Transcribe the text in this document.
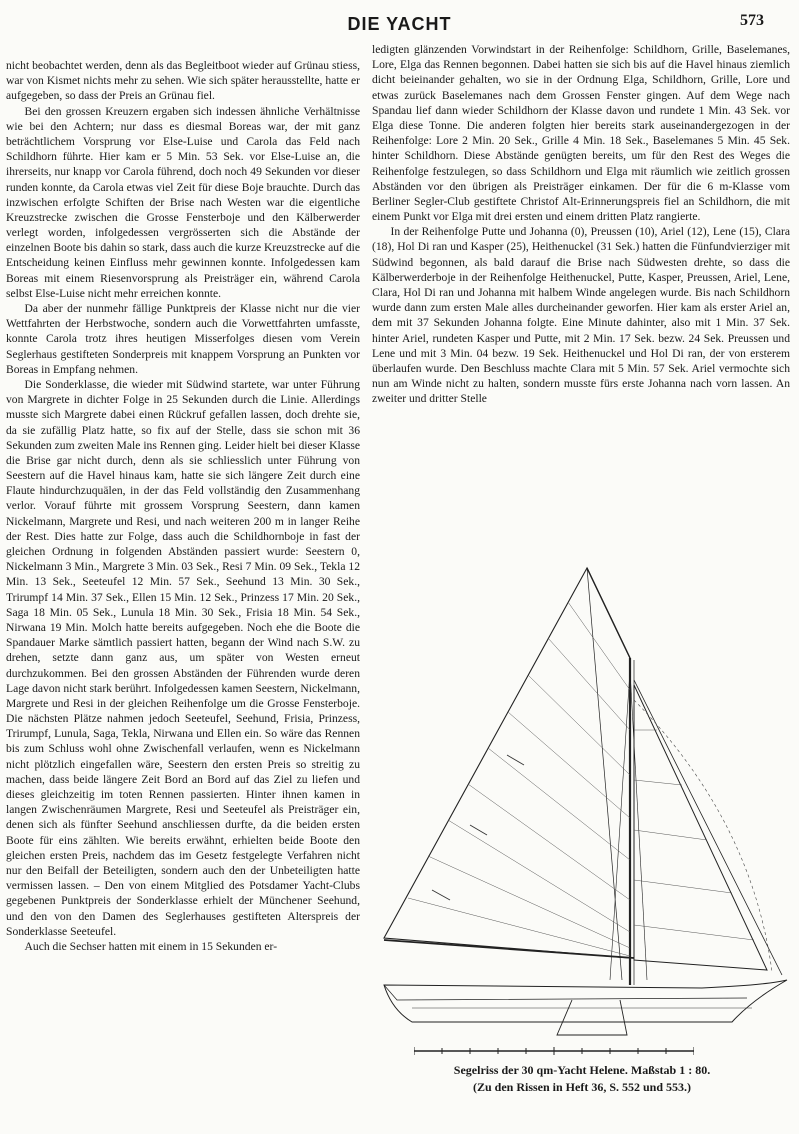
DIE YACHT	573

nicht beobachtet werden, denn als das Begleitboot wieder auf Grünau stiess, war von Kismet nichts mehr zu sehen. Wie sich später herausstellte, hatte er aufgegeben, so dass der Preis an Grünau fiel.

Bei den grossen Kreuzern ergaben sich indessen ähnliche Verhältnisse wie bei den Achtern; nur dass es diesmal Boreas war, der mit ganz beträchtlichem Vorsprung vor Else-Luise und Carola das Feld nach Schildhorn führte. Hier kam er 5 Min. 53 Sek. vor Else-Luise an, die ihrerseits, nur knapp vor Carola führend, doch noch 49 Sekunden vor dieser runden konnte, da Carola etwas viel Zeit für diese Boje brauchte. Durch das inzwischen erfolgte Schiften der Brise nach Westen war die eigentliche Kreuzstrecke zwischen die Grosse Fensterboje und den Kälberwerder verlegt worden, infolgedessen vergrösserten sich die Abstände der einzelnen Boote bis dahin so stark, dass auch die kurze Kreuzstrecke auf die Entscheidung keinen Einfluss mehr gewinnen konnte. Infolgedessen kam Boreas mit einem Riesenvorsprung als Preisträger ein, während Carola selbst Else-Luise nicht mehr erreichen konnte.

Da aber der nunmehr fällige Punktpreis der Klasse nicht nur die vier Wettfahrten der Herbstwoche, sondern auch die Vorwettfahrten umfasste, konnte Carola trotz ihres heutigen Misserfolges diesen vom Verein Seglerhaus gestifteten Sonderpreis mit knappem Vorsprung an Punkten vor Boreas in Empfang nehmen.

Die Sonderklasse, die wieder mit Südwind startete, war unter Führung von Margrete in dichter Folge in 25 Sekunden durch die Linie. Allerdings musste sich Margrete dabei einen Rückruf gefallen lassen, doch drehte sie, da sie zufällig Platz hatte, so fix auf der Stelle, dass sie schon mit 36 Sekunden zum zweiten Male ins Rennen ging. Leider hielt bei dieser Klasse die Brise gar nicht durch, denn als sie schliesslich unter Führung von Seestern auf die Havel hinaus kam, hatte sie sich längere Zeit durch eine Flaute hindurchzuquälen, in der das Feld vollständig den Zusammenhang verlor. Vorauf führte mit grossem Vorsprung Seestern, dann kamen Nickelmann, Margrete und Resi, und nach weiteren 200 m in langer Reihe der Rest. Dies hatte zur Folge, dass auch die Schildhornboje in fast der gleichen Ordnung in folgenden Abständen passiert wurde: Seestern 0, Nickelmann 3 Min., Margrete 3 Min. 03 Sek., Resi 7 Min. 09 Sek., Tekla 12 Min. 13 Sek., Seeteufel 12 Min. 57 Sek., Seehund 13 Min. 30 Sek., Trirumpf 14 Min. 37 Sek., Ellen 15 Min. 12 Sek., Prinzess 17 Min. 20 Sek., Saga 18 Min. 05 Sek., Lunula 18 Min. 30 Sek., Frisia 18 Min. 54 Sek., Nirwana 19 Min. Molch hatte bereits aufgegeben. Noch ehe die Boote die Spandauer Marke sämtlich passiert hatten, begann der Wind nach S.W. zu drehen, setzte dann ganz aus, um später von Westen erneut durchzukommen. Bei den grossen Abständen der Führenden wurde deren Lage davon nicht stark berührt. Infolgedessen kamen Seestern, Nickelmann, Margrete und Resi in der gleichen Reihenfolge um die Grosse Fensterboje. Die nächsten Plätze nahmen jedoch Seeteufel, Seehund, Frisia, Prinzess, Trirumpf, Lunula, Saga, Tekla, Nirwana und Ellen ein. So wäre das Rennen bis zum Schluss wohl ohne Zwischenfall verlaufen, wenn es Nickelmann nicht plötzlich eingefallen wäre, Seestern den ersten Preis so streitig zu machen, dass beide längere Zeit Bord an Bord auf das Ziel zu liefen und dieses gleichzeitig im toten Rennen passierten. Hinter ihnen kamen in langen Zwischenräumen Margrete, Resi und Seeteufel als Preisträger ein, denen sich als fünfter Seehund anschliessen durfte, da die beiden ersten Boote für eins zählten. Wie bereits erwähnt, erhielten beide Boote den gleichen ersten Preis, nachdem das im Gesetz festgelegte Verfahren nicht nur den Beifall der Beteiligten, sondern auch den der Unbeteiligten hatte vermissen lassen. – Den von einem Mitglied des Potsdamer Yacht-Clubs gegebenen Punktpreis der Sonderklasse erhielt der Münchener Seehund, und den von den Damen des Seglerhauses gestifteten Alterspreis der Sonderklasse Seeteufel.

Auch die Sechser hatten mit einem in 15 Sekunden er-

ledigten glänzenden Vorwindstart in der Reihenfolge: Schildhorn, Grille, Baselemanes, Lore, Elga das Rennen begonnen. Dabei hatten sie sich bis auf die Havel hinaus ziemlich dicht beieinander gehalten, wo sie in der Ordnung Elga, Schildhorn, Grille, Lore und etwas zurück Baselemanes nach dem Grossen Fenster gingen. Auf dem Wege nach Spandau lief dann wieder Schildhorn der Klasse davon und rundete 1 Min. 43 Sek. vor Elga diese Tonne. Die anderen folgten hier bereits stark auseinandergezogen in der Reihenfolge: Lore 2 Min. 20 Sek., Grille 4 Min. 18 Sek., Baselemanes 5 Min. 45 Sek. hinter Schildhorn. Diese Abstände genügten bereits, um für den Rest des Weges die Reihenfolge festzulegen, so dass Schildhorn und Elga mit räumlich wie zeitlich grossen Abständen vor den übrigen als Preisträger einkamen. Der für die 6 m-Klasse vom Berliner Segler-Club gestiftete Christof Alt-Erinnerungspreis fiel an Schildhorn, die mit einem Punkt vor Elga mit drei ersten und einem dritten Platz rangierte.

In der Reihenfolge Putte und Johanna (0), Preussen (10), Ariel (12), Lene (15), Clara (18), Hol Di ran und Kasper (25), Heithenuckel (31 Sek.) hatten die Fünfundvierziger mit Südwind begonnen, als bald darauf die Brise nach Südwesten drehte, so dass die Kälberwerderboje in der Reihenfolge Heithenuckel, Putte, Kasper, Preussen, Ariel, Lene, Clara, Hol Di ran und Johanna mit halbem Winde angelegen wurde. Bis nach Schildhorn wurde dann zum ersten Male alles durcheinander geworfen. Hier kam als erster Ariel an, dem mit 37 Sekunden Johanna folgte. Eine Minute dahinter, also mit 1 Min. 37 Sek. hinter Ariel, rundeten Kasper und Putte, mit 2 Min. 17 Sek. bezw. 24 Sek. Preussen und Lene und mit 3 Min. 04 bezw. 19 Sek. Heithenuckel und Hol Di ran, der von ersterem überlaufen wurde. Den Beschluss machte Clara mit 5 Min. 57 Sek. Ariel vermochte sich nun am Winde nicht zu halten, sondern musste fürs erste Johanna nach vorn lassen. An zweiter und dritter Stelle

Segelriss der 30 qm-Yacht Helene. Maßstab 1 : 80.
(Zu den Rissen in Heft 36, S. 552 und 553.)
